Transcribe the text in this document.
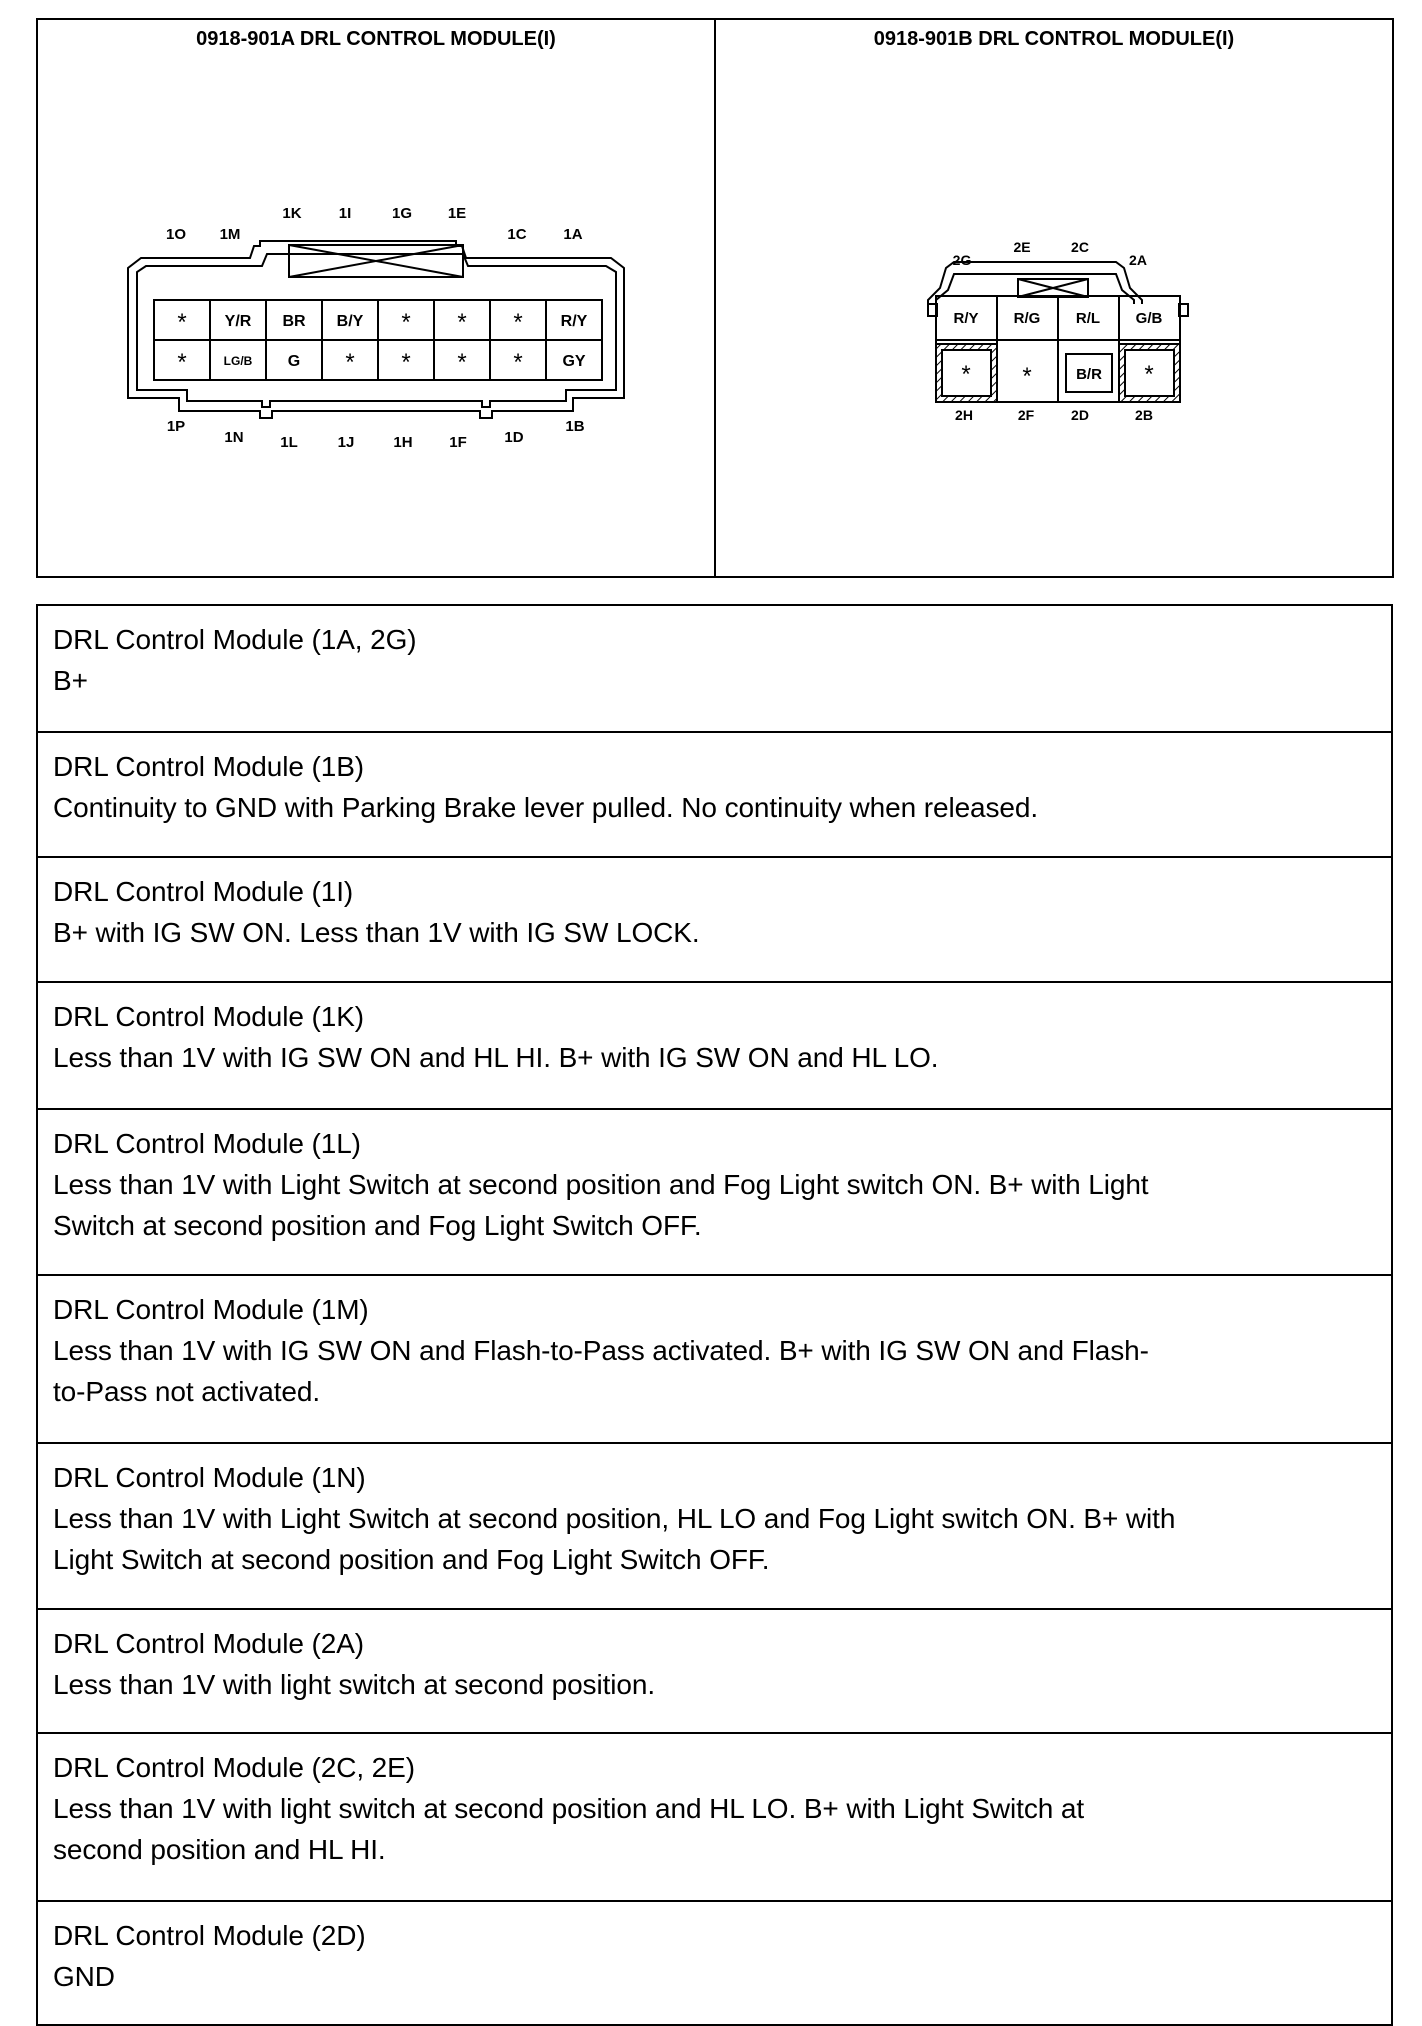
0918-901A DRL CONTROL MODULE(I)
1O 1M
1K 1I	1G 1E
1C 1A
1P
1N 1L	1J	1H 1F	1D
1B
* Y/R BR B/Y * * * R/Y
*	LG/B G * * * * GY
0918-901B DRL CONTROL MODULE(I)
2G
2E	2C
2A
2H	2F	2D	2B
R/Y R/G R/L G/B
* *	B/R *
DRL Control Module (1A, 2G)
B+
DRL Control Module (1B)
Continuity to GND with Parking Brake lever pulled. No continuity when released.
DRL Control Module (1I)
B+ with IG SW ON. Less than 1V with IG SW LOCK.
DRL Control Module (1K)
Less than 1V with IG SW ON and HL HI. B+ with IG SW ON and HL LO.
DRL Control Module (1L)
Less than 1V with Light Switch at second position and Fog Light switch ON. B+ with Light
Switch at second position and Fog Light Switch OFF.
DRL Control Module (1M)
Less than 1V with IG SW ON and Flash-to-Pass activated. B+ with IG SW ON and Flash-
to-Pass not activated.
DRL Control Module (1N)
Less than 1V with Light Switch at second position, HL LO and Fog Light switch ON. B+ with
Light Switch at second position and Fog Light Switch OFF.
DRL Control Module (2A)
Less than 1V with light switch at second position.
DRL Control Module (2C, 2E)
Less than 1V with light switch at second position and HL LO. B+ with Light Switch at
second position and HL HI.
DRL Control Module (2D)
GND
